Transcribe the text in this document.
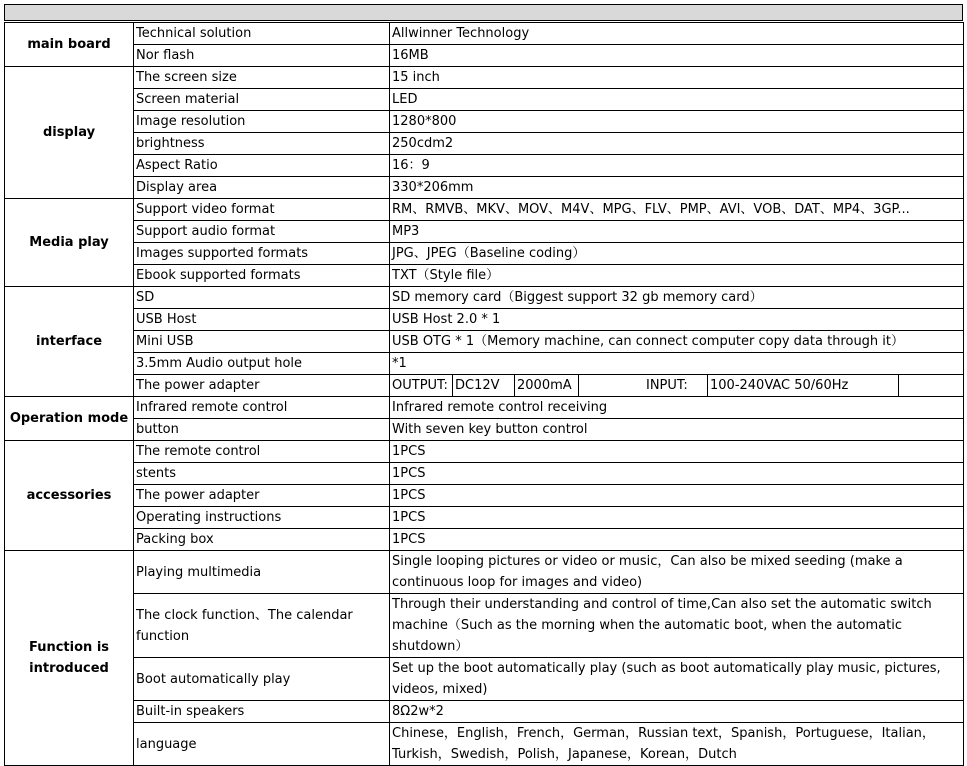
main board	Technical solution	Allwinner Technology
	Nor flash	16MB
display	The screen size	15 inch
	Screen material	LED
	Image resolution	1280*800
	brightness	250cdm2
	Aspect Ratio	16：9
	Display area	330*206mm
Media play	Support video format	RM、RMVB、MKV、MOV、M4V、MPG、FLV、PMP、AVI、VOB、DAT、MP4、3GP...
	Support audio format	MP3
	Images supported formats	JPG、JPEG（Baseline coding）
	Ebook supported formats	TXT（Style file）
interface	SD	SD memory card（Biggest support 32 gb memory card）
	USB Host	USB Host 2.0 * 1
	Mini USB	USB OTG * 1（Memory machine, can connect computer copy data through it）
	3.5mm Audio output hole	*1
	The power adapter	OUTPUT: DC12V 2000mA INPUT: 100-240VAC 50/60Hz

Operation mode	Infrared remote control	Infrared remote control receiving
	button	With seven key button control
accessories	The remote control	1PCS
	stents	1PCS
	The power adapter	1PCS
	Operating instructions	1PCS
	Packing box	1PCS
Function is introduced	Playing multimedia	Single looping pictures or video or music，Can also be mixed seeding (make a continuous loop for images and video)
	The clock function、The calendar function	Through their understanding and control of time,Can also set the automatic switch machine（Such as the morning when the automatic boot, when the automatic shutdown）
	Boot automatically play	Set up the boot automatically play (such as boot automatically play music, pictures, videos, mixed)
	Built-in speakers	8Ω2w*2
	language	Chinese，English，French，German，Russian text，Spanish，Portuguese，Italian，Turkish，Swedish，Polish，Japanese，Korean，Dutch
